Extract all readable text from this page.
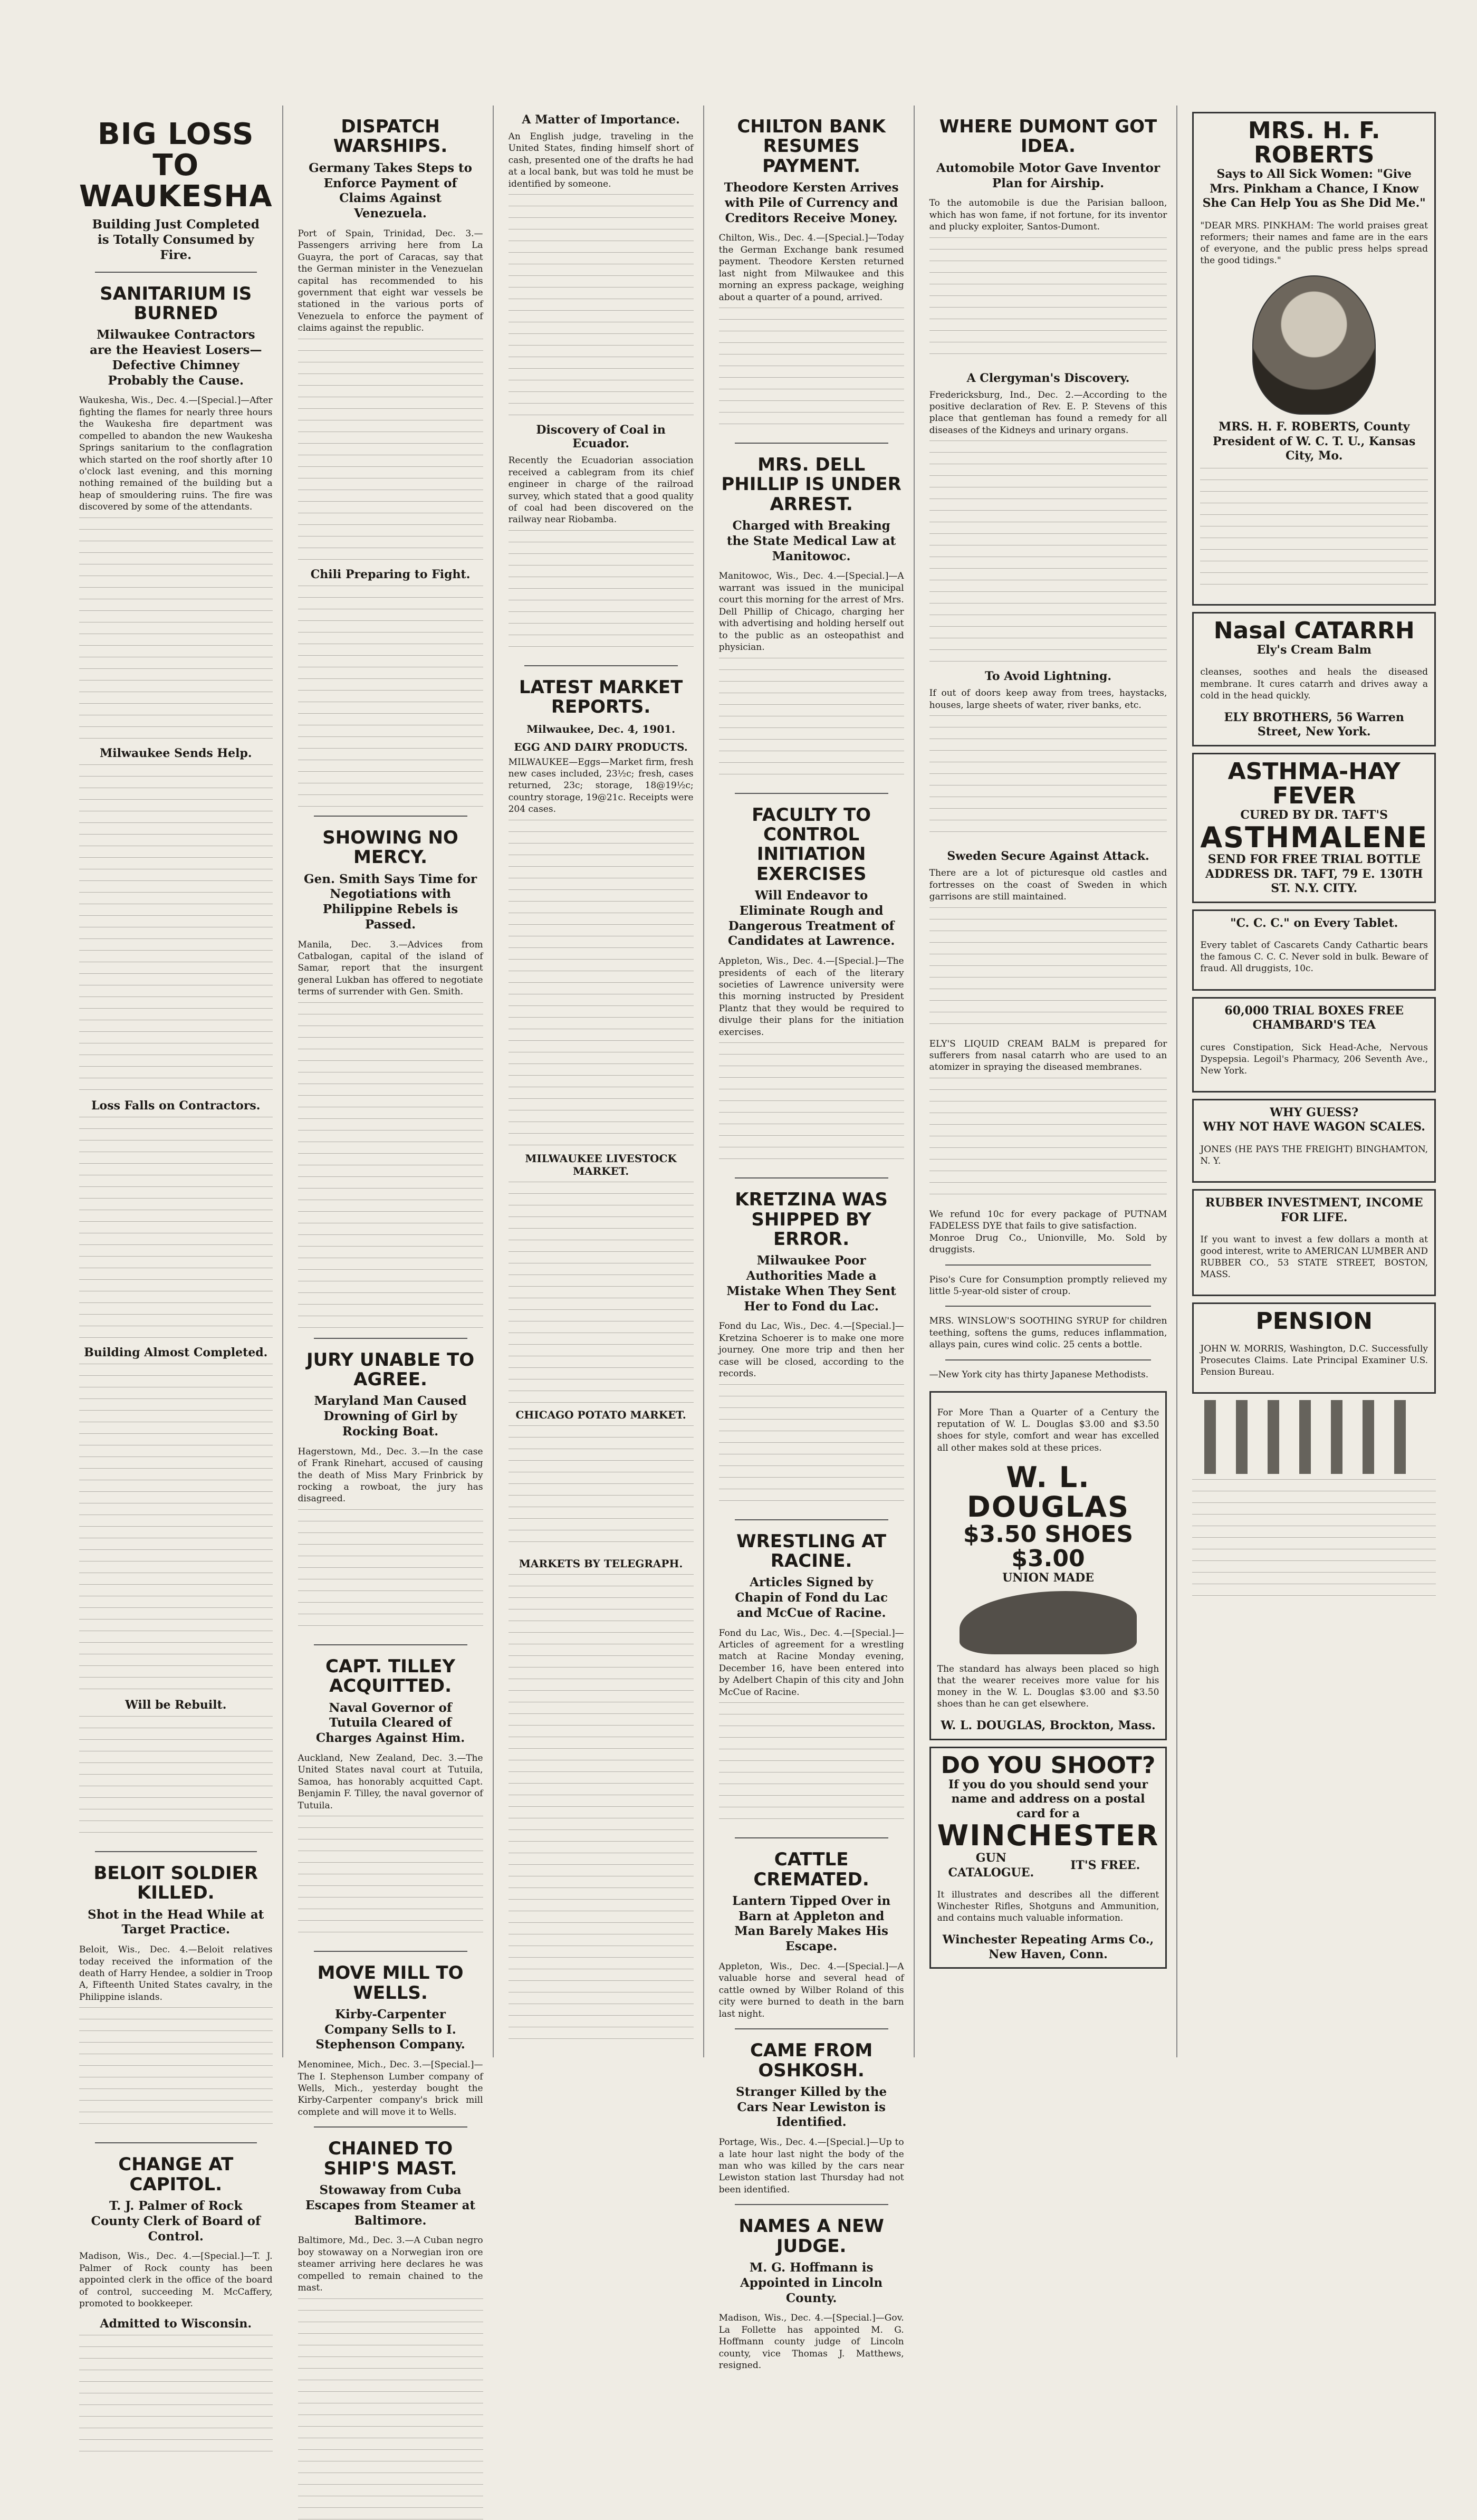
BIG LOSS TO WAUKESHA
Building Just Completed is Totally Consumed by Fire.
SANITARIUM IS BURNED
Milwaukee Contractors are the Heaviest Losers—Defective Chimney Probably the Cause.

Waukesha, Wis., Dec. 4.—[Special.]—After fighting the flames for nearly three hours the Waukesha fire department was compelled to abandon the new Waukesha Springs sanitarium to the conflagration which started on the roof shortly after 10 o'clock last evening, and this morning nothing remained of the building but a heap of smouldering ruins. The fire was discovered by some of the attendants.

Milwaukee Sends Help.
Loss Falls on Contractors.
Building Almost Completed.
Will be Rebuilt.
BELOIT SOLDIER KILLED.
Shot in the Head While at Target Practice.

Beloit, Wis., Dec. 4.—Beloit relatives today received the information of the death of Harry Hendee, a soldier in Troop A, Fifteenth United States cavalry, in the Philippine islands.

CHANGE AT CAPITOL.
T. J. Palmer of Rock County Clerk of Board of Control.

Madison, Wis., Dec. 4.—[Special.]—T. J. Palmer of Rock county has been appointed clerk in the office of the board of control, succeeding M. McCaffery, promoted to bookkeeper.

Admitted to Wisconsin.
DISPATCH WARSHIPS.
Germany Takes Steps to Enforce Payment of Claims Against Venezuela.

Port of Spain, Trinidad, Dec. 3.—Passengers arriving here from La Guayra, the port of Caracas, say that the German minister in the Venezuelan capital has recommended to his government that eight war vessels be stationed in the various ports of Venezuela to enforce the payment of claims against the republic.

Chili Preparing to Fight.
SHOWING NO MERCY.
Gen. Smith Says Time for Negotiations with Philippine Rebels is Passed.

Manila, Dec. 3.—Advices from Catbalogan, capital of the island of Samar, report that the insurgent general Lukban has offered to negotiate terms of surrender with Gen. Smith.

JURY UNABLE TO AGREE.
Maryland Man Caused Drowning of Girl by Rocking Boat.

Hagerstown, Md., Dec. 3.—In the case of Frank Rinehart, accused of causing the death of Miss Mary Frinbrick by rocking a rowboat, the jury has disagreed.

CAPT. TILLEY ACQUITTED.
Naval Governor of Tutuila Cleared of Charges Against Him.

Auckland, New Zealand, Dec. 3.—The United States naval court at Tutuila, Samoa, has honorably acquitted Capt. Benjamin F. Tilley, the naval governor of Tutuila.

MOVE MILL TO WELLS.
Kirby-Carpenter Company Sells to I. Stephenson Company.

Menominee, Mich., Dec. 3.—[Special.]—The I. Stephenson Lumber company of Wells, Mich., yesterday bought the Kirby-Carpenter company's brick mill complete and will move it to Wells.

CHAINED TO SHIP'S MAST.
Stowaway from Cuba Escapes from Steamer at Baltimore.

Baltimore, Md., Dec. 3.—A Cuban negro boy stowaway on a Norwegian iron ore steamer arriving here declares he was compelled to remain chained to the mast.

A Matter of Importance.

An English judge, traveling in the United States, finding himself short of cash, presented one of the drafts he had at a local bank, but was told he must be identified by someone.

Discovery of Coal in Ecuador.

Recently the Ecuadorian association received a cablegram from its chief engineer in charge of the railroad survey, which stated that a good quality of coal had been discovered on the railway near Riobamba.

LATEST MARKET REPORTS.
Milwaukee, Dec. 4, 1901.
EGG AND DAIRY PRODUCTS.

MILWAUKEE—Eggs—Market firm, fresh new cases included, 23½c; fresh, cases returned, 23c; storage, 18@19½c; country storage, 19@21c. Receipts were 204 cases.

MILWAUKEE LIVESTOCK MARKET.
CHICAGO POTATO MARKET.
MARKETS BY TELEGRAPH.
CHILTON BANK RESUMES PAYMENT.
Theodore Kersten Arrives with Pile of Currency and Creditors Receive Money.

Chilton, Wis., Dec. 4.—[Special.]—Today the German Exchange bank resumed payment. Theodore Kersten returned last night from Milwaukee and this morning an express package, weighing about a quarter of a pound, arrived.

MRS. DELL PHILLIP IS UNDER ARREST.
Charged with Breaking the State Medical Law at Manitowoc.

Manitowoc, Wis., Dec. 4.—[Special.]—A warrant was issued in the municipal court this morning for the arrest of Mrs. Dell Phillip of Chicago, charging her with advertising and holding herself out to the public as an osteopathist and physician.

FACULTY TO CONTROL INITIATION EXERCISES
Will Endeavor to Eliminate Rough and Dangerous Treatment of Candidates at Lawrence.

Appleton, Wis., Dec. 4.—[Special.]—The presidents of each of the literary societies of Lawrence university were this morning instructed by President Plantz that they would be required to divulge their plans for the initiation exercises.

KRETZINA WAS SHIPPED BY ERROR.
Milwaukee Poor Authorities Made a Mistake When They Sent Her to Fond du Lac.

Fond du Lac, Wis., Dec. 4.—[Special.]—Kretzina Schoerer is to make one more journey. One more trip and then her case will be closed, according to the records.

WRESTLING AT RACINE.
Articles Signed by Chapin of Fond du Lac and McCue of Racine.

Fond du Lac, Wis., Dec. 4.—[Special.]—Articles of agreement for a wrestling match at Racine Monday evening, December 16, have been entered into by Adelbert Chapin of this city and John McCue of Racine.

CATTLE CREMATED.
Lantern Tipped Over in Barn at Appleton and Man Barely Makes His Escape.

Appleton, Wis., Dec. 4.—[Special.]—A valuable horse and several head of cattle owned by Wilber Roland of this city were burned to death in the barn last night.

CAME FROM OSHKOSH.
Stranger Killed by the Cars Near Lewiston is Identified.

Portage, Wis., Dec. 4.—[Special.]—Up to a late hour last night the body of the man who was killed by the cars near Lewiston station last Thursday had not been identified.

NAMES A NEW JUDGE.
M. G. Hoffmann is Appointed in Lincoln County.

Madison, Wis., Dec. 4.—[Special.]—Gov. La Follette has appointed M. G. Hoffmann county judge of Lincoln county, vice Thomas J. Matthews, resigned.

WHERE DUMONT GOT IDEA.
Automobile Motor Gave Inventor Plan for Airship.

To the automobile is due the Parisian balloon, which has won fame, if not fortune, for its inventor and plucky exploiter, Santos-Dumont.

A Clergyman's Discovery.

Fredericksburg, Ind., Dec. 2.—According to the positive declaration of Rev. E. P. Stevens of this place that gentleman has found a remedy for all diseases of the Kidneys and urinary organs.

To Avoid Lightning.

If out of doors keep away from trees, haystacks, houses, large sheets of water, river banks, etc.

Sweden Secure Against Attack.

There are a lot of picturesque old castles and fortresses on the coast of Sweden in which garrisons are still maintained.

ELY'S LIQUID CREAM BALM is prepared for sufferers from nasal catarrh who are used to an atomizer in spraying the diseased membranes.

We refund 10c for every package of PUTNAM FADELESS DYE that fails to give satisfaction.

Monroe Drug Co., Unionville, Mo. Sold by druggists.

Piso's Cure for Consumption promptly relieved my little 5-year-old sister of croup.

MRS. WINSLOW'S SOOTHING SYRUP for children teething, softens the gums, reduces inflammation, allays pain, cures wind colic. 25 cents a bottle.

—New York city has thirty Japanese Methodists.

For More Than a Quarter of a Century the reputation of W. L. Douglas $3.00 and $3.50 shoes for style, comfort and wear has excelled all other makes sold at these prices.

W. L. DOUGLAS
$3.50 SHOES $3.00
UNION MADE

The standard has always been placed so high that the wearer receives more value for his money in the W. L. Douglas $3.00 and $3.50 shoes than he can get elsewhere.

W. L. DOUGLAS, Brockton, Mass.
DO YOU SHOOT?
If you do you should send your name and address on a postal card for a
WINCHESTER
GUN CATALOGUE.
IT'S FREE.

It illustrates and describes all the different Winchester Rifles, Shotguns and Ammunition, and contains much valuable information.

Winchester Repeating Arms Co., New Haven, Conn.
MRS. H. F. ROBERTS
Says to All Sick Women: "Give Mrs. Pinkham a Chance, I Know She Can Help You as She Did Me."

"DEAR MRS. PINKHAM: The world praises great reformers; their names and fame are in the ears of everyone, and the public press helps spread the good tidings."

MRS. H. F. ROBERTS, County President of W. C. T. U., Kansas City, Mo.
Nasal CATARRH
Ely's Cream Balm

cleanses, soothes and heals the diseased membrane. It cures catarrh and drives away a cold in the head quickly.

ELY BROTHERS, 56 Warren Street, New York.
ASTHMA-HAY FEVER
CURED BY DR. TAFT'S
ASTHMALENE
SEND FOR FREE TRIAL BOTTLE
ADDRESS DR. TAFT, 79 E. 130TH ST. N.Y. CITY.
"C. C. C." on Every Tablet.

Every tablet of Cascarets Candy Cathartic bears the famous C. C. C. Never sold in bulk. Beware of fraud. All druggists, 10c.

60,000 TRIAL BOXES FREE
CHAMBARD'S TEA

cures Constipation, Sick Head-Ache, Nervous Dyspepsia. Legoil's Pharmacy, 206 Seventh Ave., New York.

WHY GUESS?
WHY NOT HAVE WAGON SCALES.

JONES (HE PAYS THE FREIGHT) BINGHAMTON, N. Y.

RUBBER INVESTMENT, INCOME FOR LIFE.

If you want to invest a few dollars a month at good interest, write to AMERICAN LUMBER AND RUBBER CO., 53 STATE STREET, BOSTON, MASS.

PENSION

JOHN W. MORRIS, Washington, D.C. Successfully Prosecutes Claims. Late Principal Examiner U.S. Pension Bureau.
